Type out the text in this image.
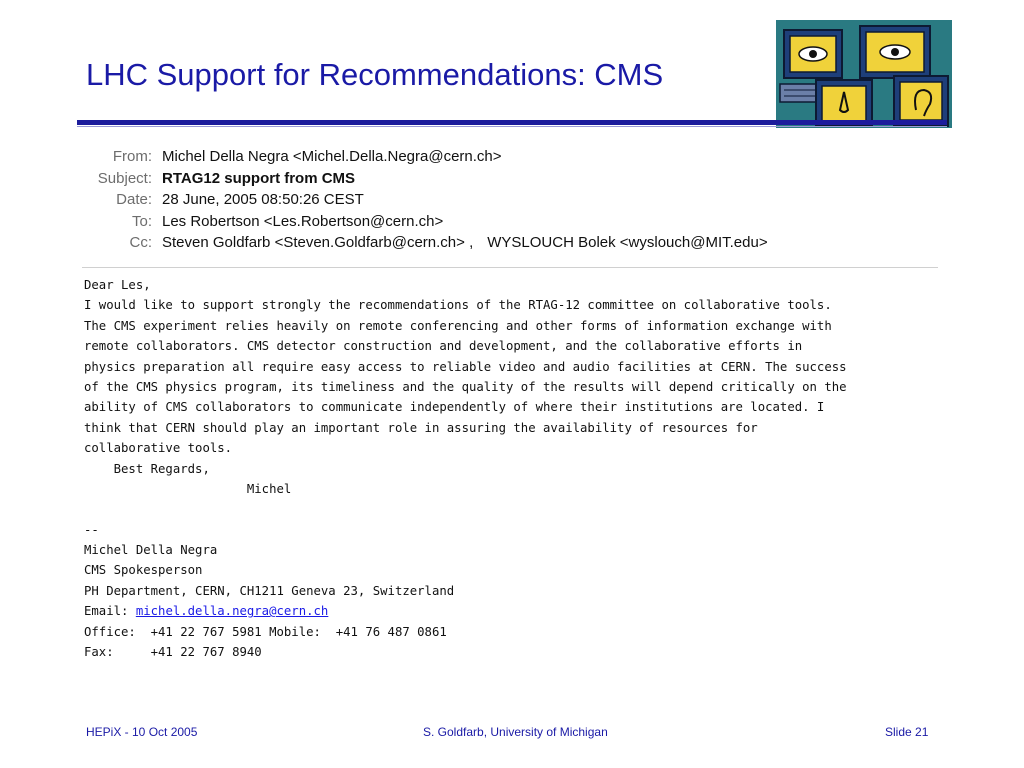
LHC Support for Recommendations: CMS
From: Michel Della Negra <Michel.Della.Negra@cern.ch>
Subject: RTAG12 support from CMS
Date: 28 June, 2005 08:50:26 CEST
To: Les Robertson <Les.Robertson@cern.ch>
Cc: Steven Goldfarb <Steven.Goldfarb@cern.ch> , WYSLOUCH Bolek <wyslouch@MIT.edu>
Dear Les,
I would like to support strongly the recommendations of the RTAG-12 committee on collaborative tools.
The CMS experiment relies heavily on remote conferencing and other forms of information exchange with
remote collaborators. CMS detector construction and development, and the collaborative efforts in
physics preparation all require easy access to reliable video and audio facilities at CERN. The success
of the CMS physics program, its timeliness and the quality of the results will depend critically on the
ability of CMS collaborators to communicate independently of where their institutions are located. I
think that CERN should play an important role in assuring the availability of resources for
collaborative tools.
Best Regards,
Michel
--
Michel Della Negra
CMS Spokesperson
PH Department, CERN, CH1211 Geneva 23, Switzerland
Email: michel.della.negra@cern.ch
Office:  +41 22 767 5981 Mobile:  +41 76 487 0861
Fax:     +41 22 767 8940
HEPiX - 10 Oct 2005	S. Goldfarb, University of Michigan	Slide 21
